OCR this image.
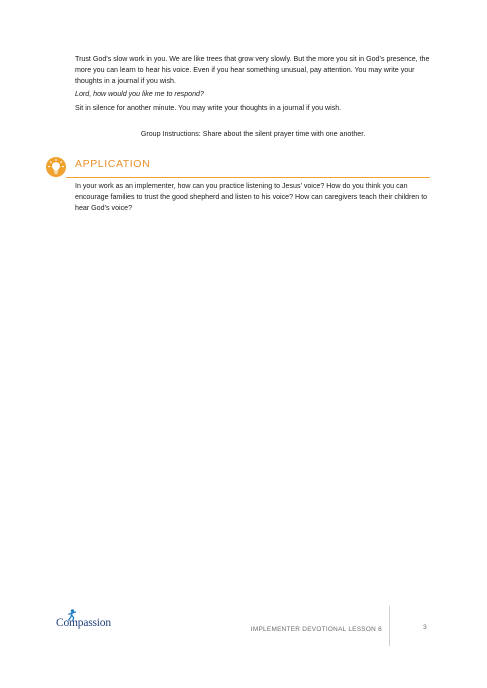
Trust God’s slow work in you. We are like trees that grow very slowly. But the more you sit in God’s presence, the more you can learn to hear his voice. Even if you hear something unusual, pay attention. You may write your thoughts in a journal if you wish.

Lord, how would you like me to respond?

Sit in silence for another minute. You may write your thoughts in a journal if you wish.

Group Instructions: Share about the silent prayer time with one another.

APPLICATION

In your work as an implementer, how can you practice listening to Jesus’ voice? How do you think you can encourage families to trust the good shepherd and listen to his voice? How can caregivers teach their children to hear God’s voice?

Compassion
IMPLEMENTER DEVOTIONAL LESSON 6	3
